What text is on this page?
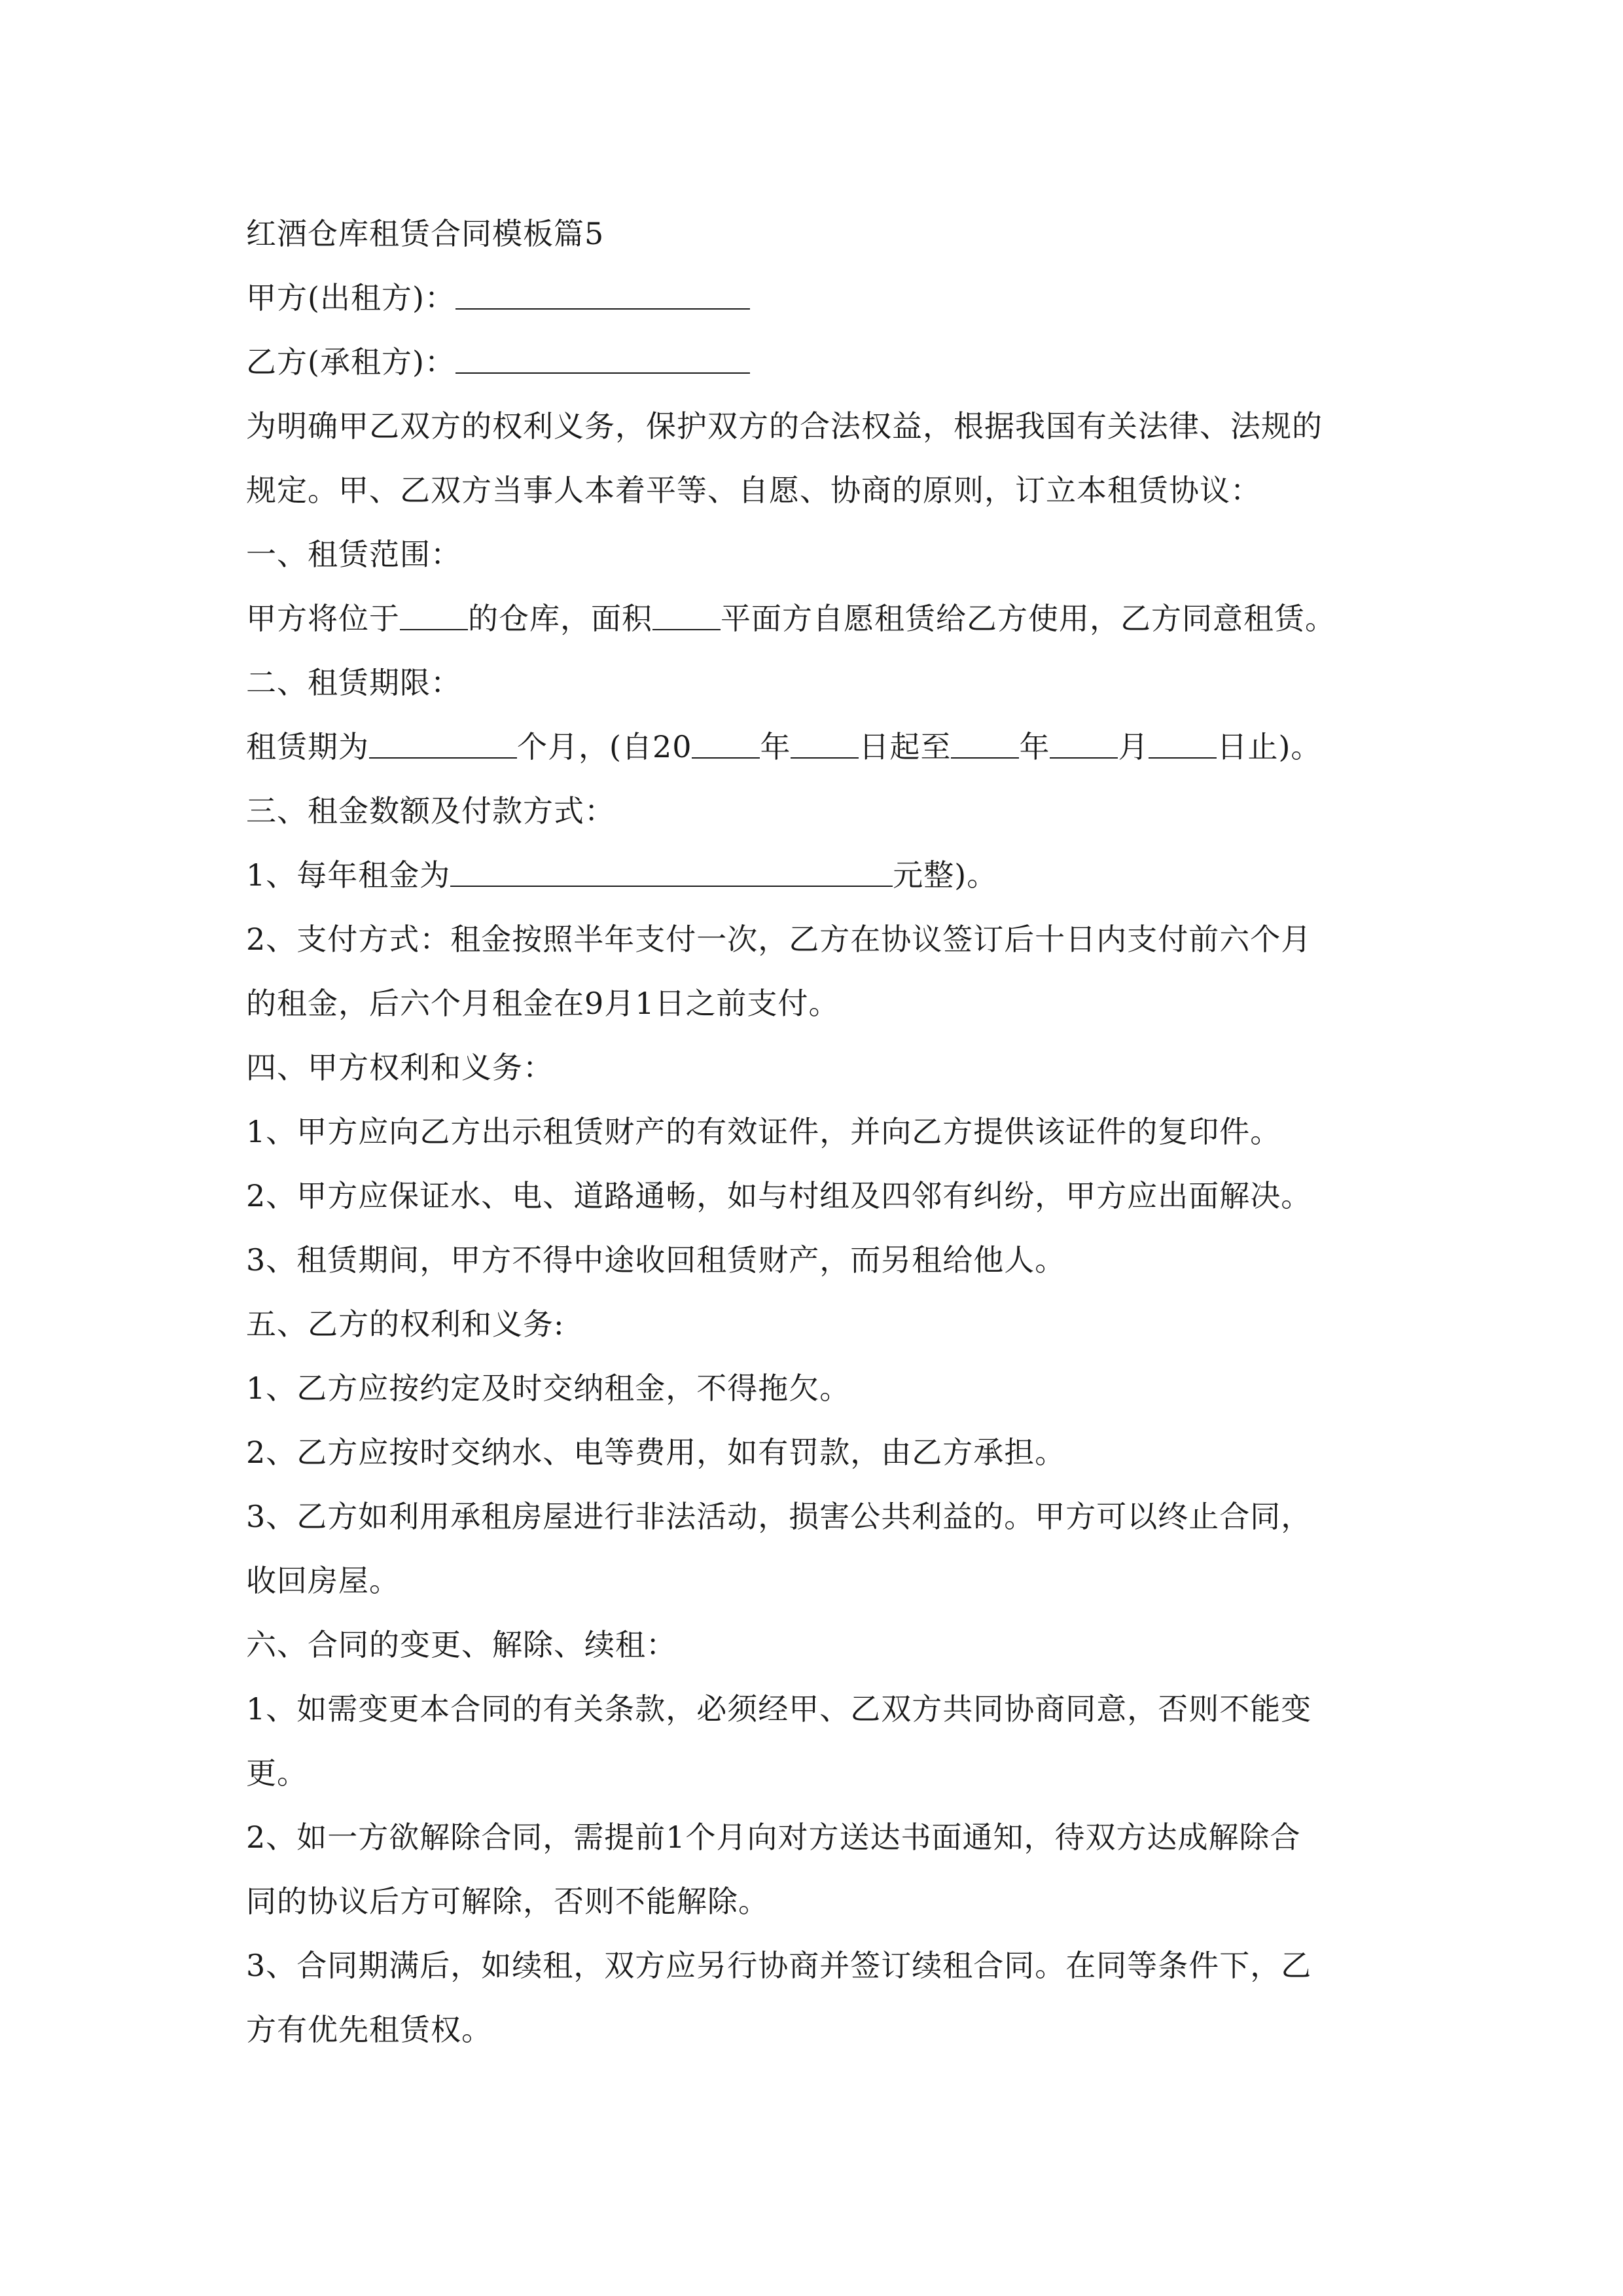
红酒仓库租赁合同模板篇5
甲方(出租方)：
乙方(承租方)：
为明确甲乙双方的权利义务，保护双方的合法权益，根据我国有关法律、法规的
规定。甲、乙双方当事人本着平等、自愿、协商的原则，订立本租赁协议：
一、租赁范围：
甲方将位于 的仓库，面积 平面方自愿租赁给乙方使用，乙方同意租赁。
二、租赁期限：
租赁期为	个月，(自20 年 日起至 年 月 日止)。
三、租金数额及付款方式：
1、每年租金为	元整)。
2、支付方式：租金按照半年支付一次，乙方在协议签订后十日内支付前六个月
的租金，后六个月租金在9月1日之前支付。
四、甲方权利和义务：
1、甲方应向乙方出示租赁财产的有效证件，并向乙方提供该证件的复印件。
2、甲方应保证水、电、道路通畅，如与村组及四邻有纠纷，甲方应出面解决。
3、租赁期间，甲方不得中途收回租赁财产，而另租给他人。
五、乙方的权利和义务:
1、乙方应按约定及时交纳租金，不得拖欠。
2、乙方应按时交纳水、电等费用，如有罚款，由乙方承担。
3、乙方如利用承租房屋进行非法活动，损害公共利益的。甲方可以终止合同，
收回房屋。
六、合同的变更、解除、续租：
1、如需变更本合同的有关条款，必须经甲、乙双方共同协商同意，否则不能变
更。
2、如一方欲解除合同，需提前1个月向对方送达书面通知，待双方达成解除合
同的协议后方可解除，否则不能解除。
3、合同期满后，如续租，双方应另行协商并签订续租合同。在同等条件下，乙
方有优先租赁权。
